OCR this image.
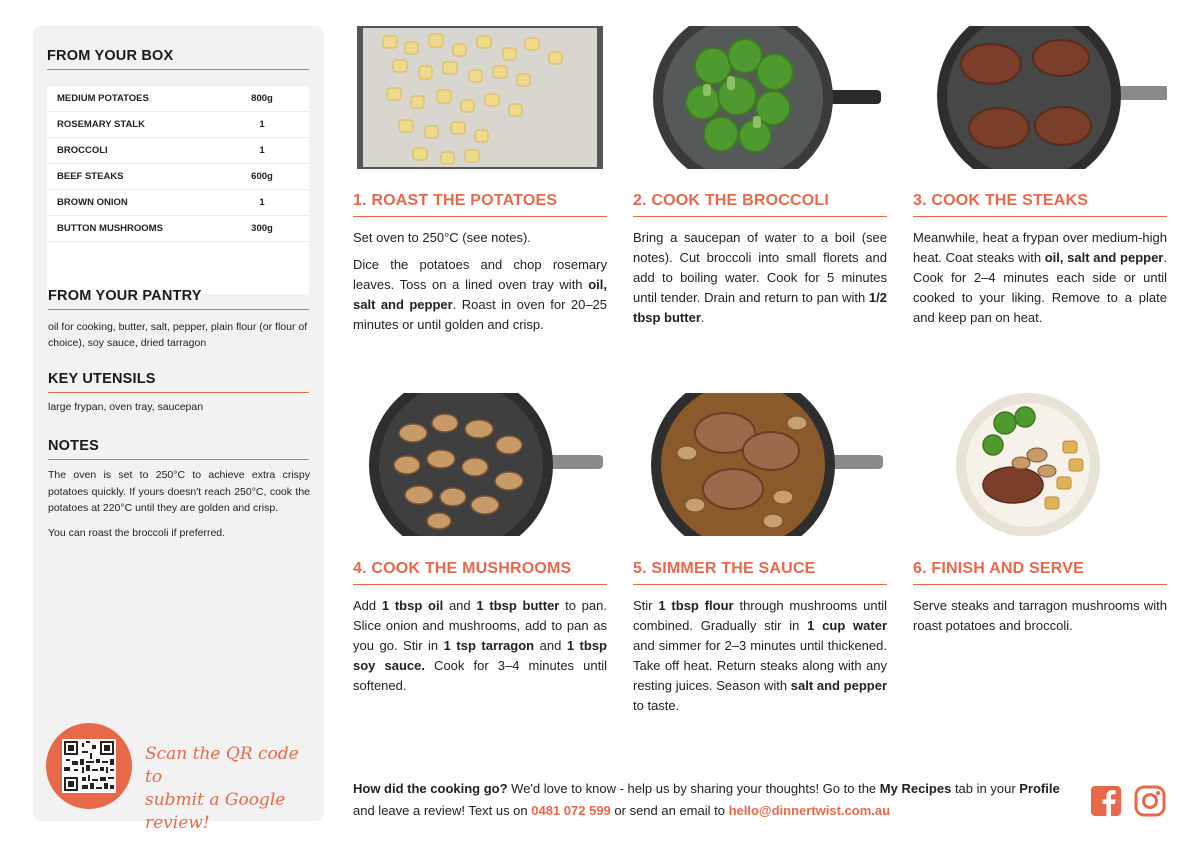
FROM YOUR BOX
MEDIUM POTATOES	800g
ROSEMARY STALK	1
BROCCOLI	1
BEEF STEAKS	600g
BROWN ONION	1
BUTTON MUSHROOMS	300g
FROM YOUR PANTRY
oil for cooking, butter, salt, pepper, plain flour (or flour of choice), soy sauce, dried tarragon
KEY UTENSILS
large frypan, oven tray, saucepan
NOTES

The oven is set to 250°C to achieve extra crispy potatoes quickly. If yours doesn't reach 250°C, cook the potatoes at 220°C until they are golden and crisp.

You can roast the broccoli if preferred.

Scan the QR code to
submit a Google review!
1. ROAST THE POTATOES

Set oven to 250°C (see notes).

Dice the potatoes and chop rosemary leaves. Toss on a lined oven tray with oil, salt and pepper. Roast in oven for 20–25 minutes or until golden and crisp.

2. COOK THE BROCCOLI

Bring a saucepan of water to a boil (see notes). Cut broccoli into small florets and add to boiling water. Cook for 5 minutes until tender. Drain and return to pan with 1/2 tbsp butter.

3. COOK THE STEAKS

Meanwhile, heat a frypan over medium-high heat. Coat steaks with oil, salt and pepper. Cook for 2–4 minutes each side or until cooked to your liking. Remove to a plate and keep pan on heat.

4. COOK THE MUSHROOMS

Add 1 tbsp oil and 1 tbsp butter to pan. Slice onion and mushrooms, add to pan as you go. Stir in 1 tsp tarragon and 1 tbsp soy sauce. Cook for 3–4 minutes until softened.

5. SIMMER THE SAUCE

Stir 1 tbsp flour through mushrooms until combined. Gradually stir in 1 cup water and simmer for 2–3 minutes until thickened. Take off heat. Return steaks along with any resting juices. Season with salt and pepper to taste.

6. FINISH AND SERVE

Serve steaks and tarragon mushrooms with roast potatoes and broccoli.

How did the cooking go? We'd love to know - help us by sharing your thoughts! Go to the My Recipes tab in your Profile and leave a review! Text us on 0481 072 599 or send an email to hello@dinnertwist.com.au
